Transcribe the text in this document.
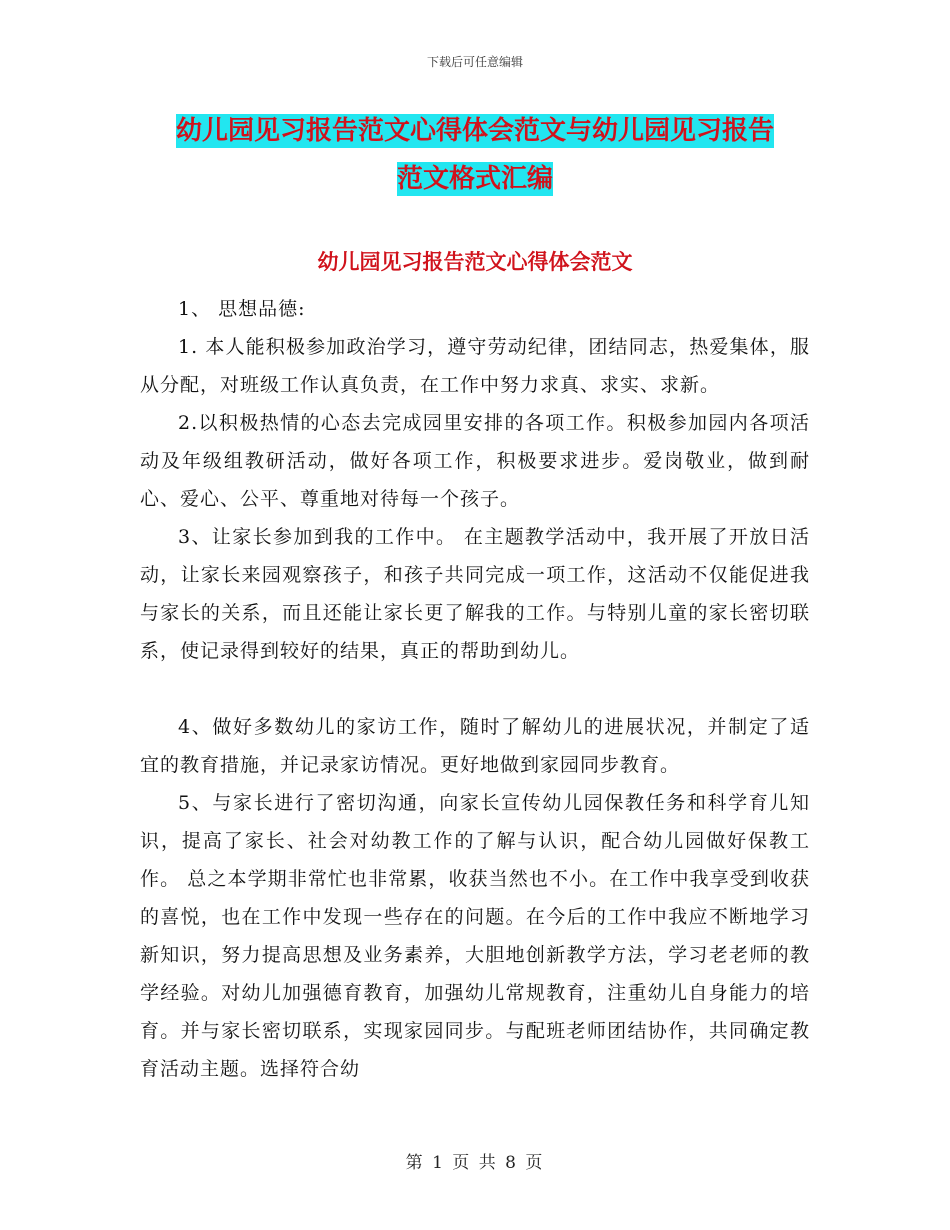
下载后可任意编辑
幼儿园见习报告范文心得体会范文与幼儿园见习报告
范文格式汇编
幼儿园见习报告范文心得体会范文

1、 思想品德:

1. 本人能积极参加政治学习，遵守劳动纪律，团结同志，热爱集体，服从分配，对班级工作认真负责，在工作中努力求真、求实、求新。

2.以积极热情的心态去完成园里安排的各项工作。积极参加园内各项活动及年级组教研活动，做好各项工作，积极要求进步。爱岗敬业，做到耐心、爱心、公平、尊重地对待每一个孩子。

3、让家长参加到我的工作中。 在主题教学活动中，我开展了开放日活动，让家长来园观察孩子，和孩子共同完成一项工作，这活动不仅能促进我与家长的关系，而且还能让家长更了解我的工作。与特别儿童的家长密切联系，使记录得到较好的结果，真正的帮助到幼儿。

4、做好多数幼儿的家访工作，随时了解幼儿的进展状况，并制定了适宜的教育措施，并记录家访情况。更好地做到家园同步教育。

5、与家长进行了密切沟通，向家长宣传幼儿园保教任务和科学育儿知识，提高了家长、社会对幼教工作的了解与认识，配合幼儿园做好保教工作。 总之本学期非常忙也非常累，收获当然也不小。在工作中我享受到收获的喜悦，也在工作中发现一些存在的问题。在今后的工作中我应不断地学习新知识，努力提高思想及业务素养，大胆地创新教学方法，学习老老师的教学经验。对幼儿加强德育教育，加强幼儿常规教育，注重幼儿自身能力的培育。并与家长密切联系，实现家园同步。与配班老师团结协作，共同确定教育活动主题。选择符合幼

第 1 页 共 8 页
